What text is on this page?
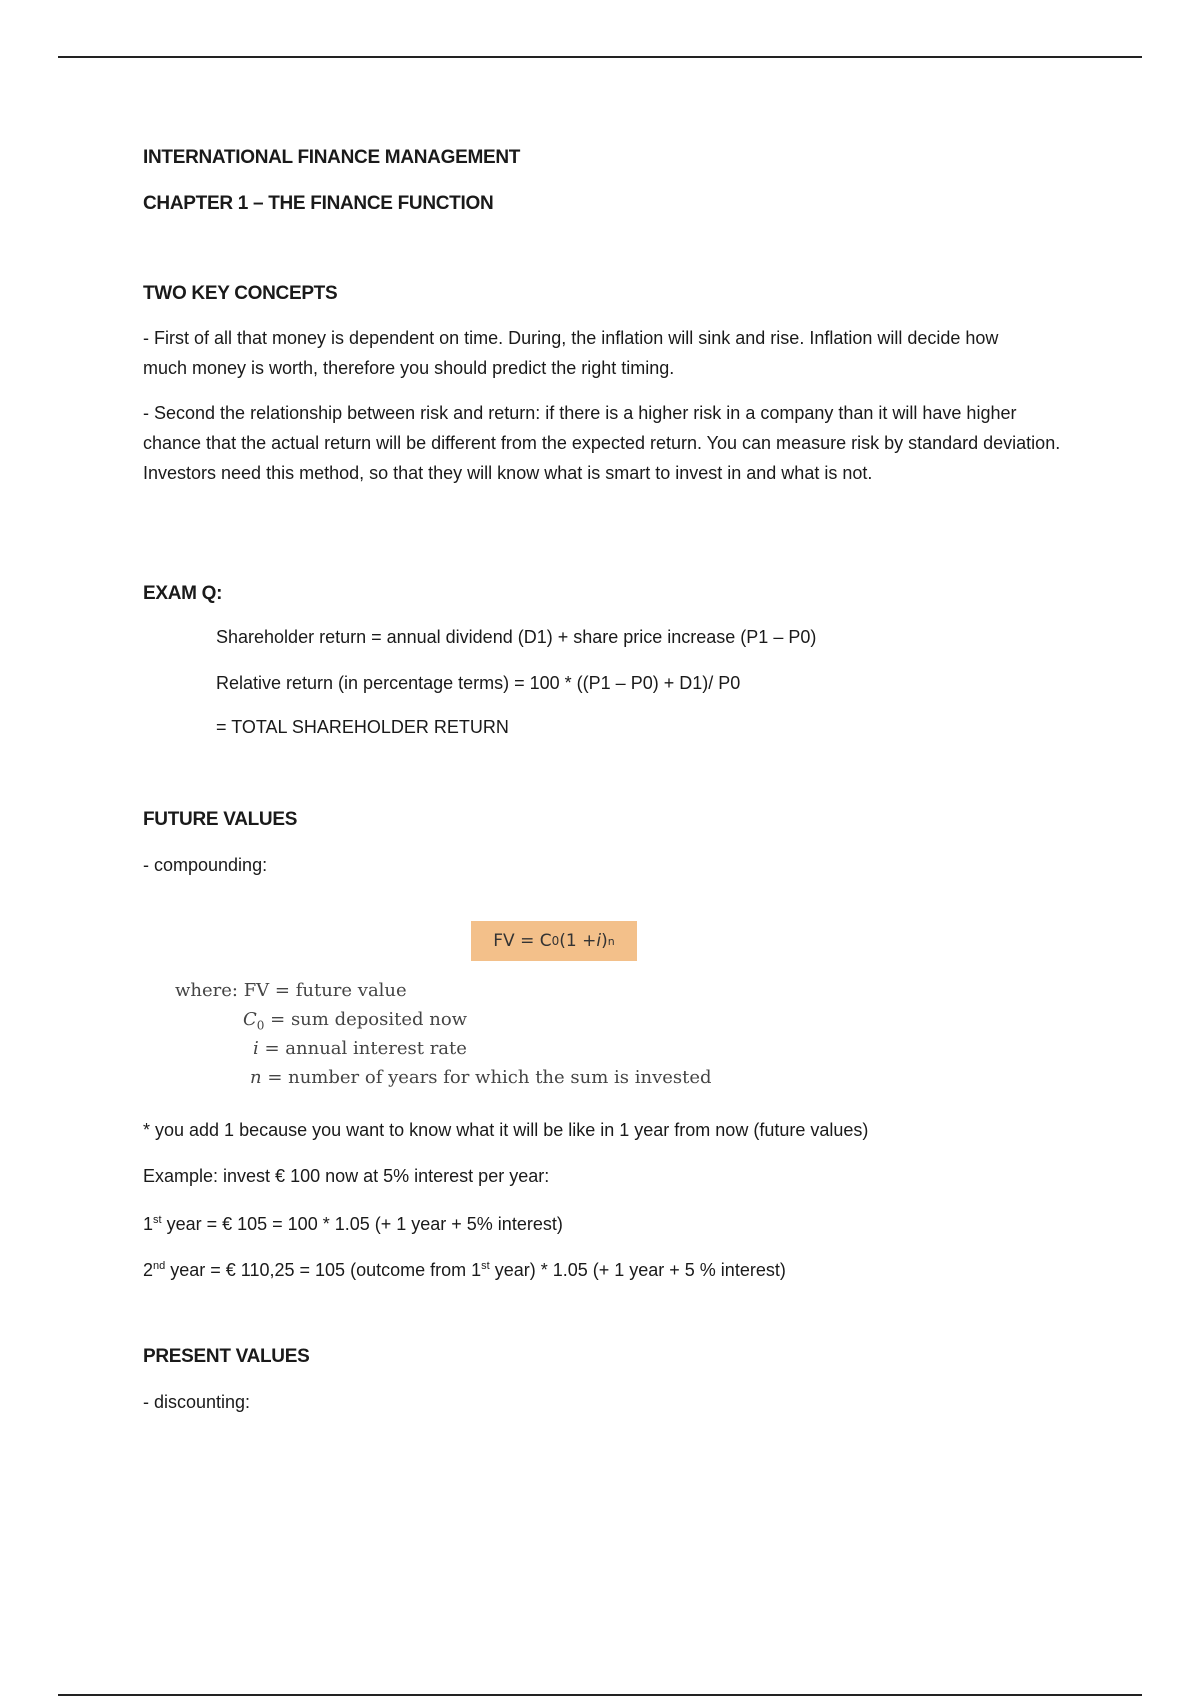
INTERNATIONAL FINANCE MANAGEMENT
CHAPTER 1 – THE FINANCE FUNCTION
TWO KEY CONCEPTS

- First of all that money is dependent on time. During, the inflation will sink and rise. Inflation will decide how much money is worth, therefore you should predict the right timing.

- Second the relationship between risk and return: if there is a higher risk in a company than it will have higher chance that the actual return will be different from the expected return. You can measure risk by standard deviation. Investors need this method, so that they will know what is smart to invest in and what is not.

EXAM Q:

Shareholder return = annual dividend (D1) + share price increase (P1 – P0)

Relative return (in percentage terms) = 100 * ((P1 – P0) + D1)/ P0

= TOTAL SHAREHOLDER RETURN

FUTURE VALUES

- compounding:

FV = C 0 (1 + i ) n
where: FV = future value
$C_0$ = sum deposited now
i = annual interest rate
n = number of years for which the sum is invested

* you add 1 because you want to know what it will be like in 1 year from now (future values)

Example: invest € 100 now at 5% interest per year:

1st year = € 105 = 100 * 1.05 (+ 1 year + 5% interest)

2nd year = € 110,25 = 105 (outcome from 1st year) * 1.05 (+ 1 year + 5 % interest)

PRESENT VALUES

- discounting:
